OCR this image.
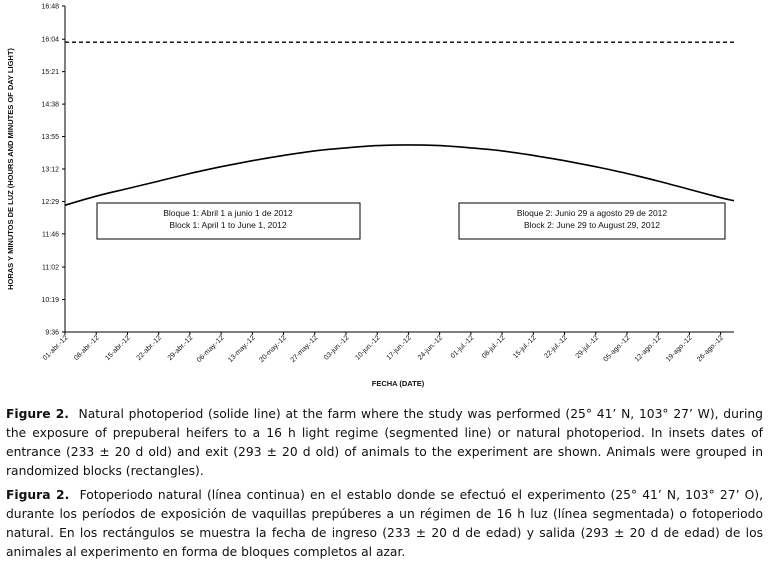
9:36
10:19
11:02
11:46
12:29
13:12
13:55
14:38
15:21
16:04
16:48
01-abr.-12 08-abr.-12 15-abr.-12 22-abr.-12 29-abr.-12 06-may.-12 13-may.-12 20-may.-12 27-may.-12 03-jun.-12 10-jun.-12 17-jun.-12 24-jun.-12 01-jul.-12 08-jul.-12 15-jul.-12 22-jul.-12 29-jul.-12 05-ago.-12 12-ago.-12 19-ago.-12 26-ago.-12
Bloque 1: Abril 1 a junio 1 de 2012
Block 1: April 1 to June 1, 2012
Bloque 2: Junio 29 a agosto 29 de 2012
Block 2: June 29 to August 29, 2012
FECHA (DATE)
HORAS Y MINUTOS DE LUZ (HOURS AND MINUTES OF DAY LIGHT)
Figure 2. Natural photoperiod (solide line) at the farm where the study was performed (25° 41’ N, 103° 27’ W), during the exposure of prepuberal heifers to a 16 h light regime (segmented line) or natural photoperiod. In insets dates of entrance (233 ± 20 d old) and exit (293 ± 20 d old) of animals to the experiment are shown. Animals were grouped in randomized blocks (rectangles).
Figura 2. Fotoperiodo natural (línea continua) en el establo donde se efectuó el experimento (25° 41’ N, 103° 27’ O), durante los períodos de exposición de vaquillas prepúberes a un régimen de 16 h luz (línea segmentada) o fotoperiodo natural. En los rectángulos se muestra la fecha de ingreso (233 ± 20 d de edad) y salida (293 ± 20 d de edad) de los animales al experimento en forma de bloques completos al azar.
